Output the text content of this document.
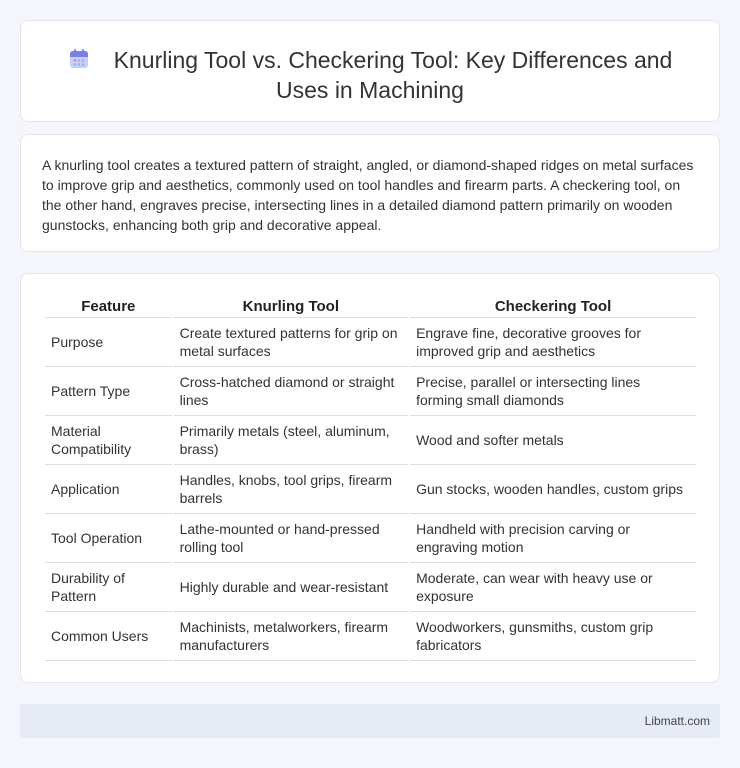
Knurling Tool vs. Checkering Tool: Key Differences and Uses in Machining

A knurling tool creates a textured pattern of straight, angled, or diamond-shaped ridges on metal surfaces to improve grip and aesthetics, commonly used on tool handles and firearm parts. A checkering tool, on the other hand, engraves precise, intersecting lines in a detailed diamond pattern primarily on wooden gunstocks, enhancing both grip and decorative appeal.

Feature	Knurling Tool	Checkering Tool
Purpose	Create textured patterns for grip on metal surfaces	Engrave fine, decorative grooves for improved grip and aesthetics
Pattern Type	Cross-hatched diamond or straight lines	Precise, parallel or intersecting lines forming small diamonds
Material Compatibility	Primarily metals (steel, aluminum, brass)	Wood and softer metals
Application	Handles, knobs, tool grips, firearm barrels	Gun stocks, wooden handles, custom grips
Tool Operation	Lathe-mounted or hand-pressed rolling tool	Handheld with precision carving or engraving motion
Durability of Pattern	Highly durable and wear-resistant	Moderate, can wear with heavy use or exposure
Common Users	Machinists, metalworkers, firearm manufacturers	Woodworkers, gunsmiths, custom grip fabricators
Libmatt.com
